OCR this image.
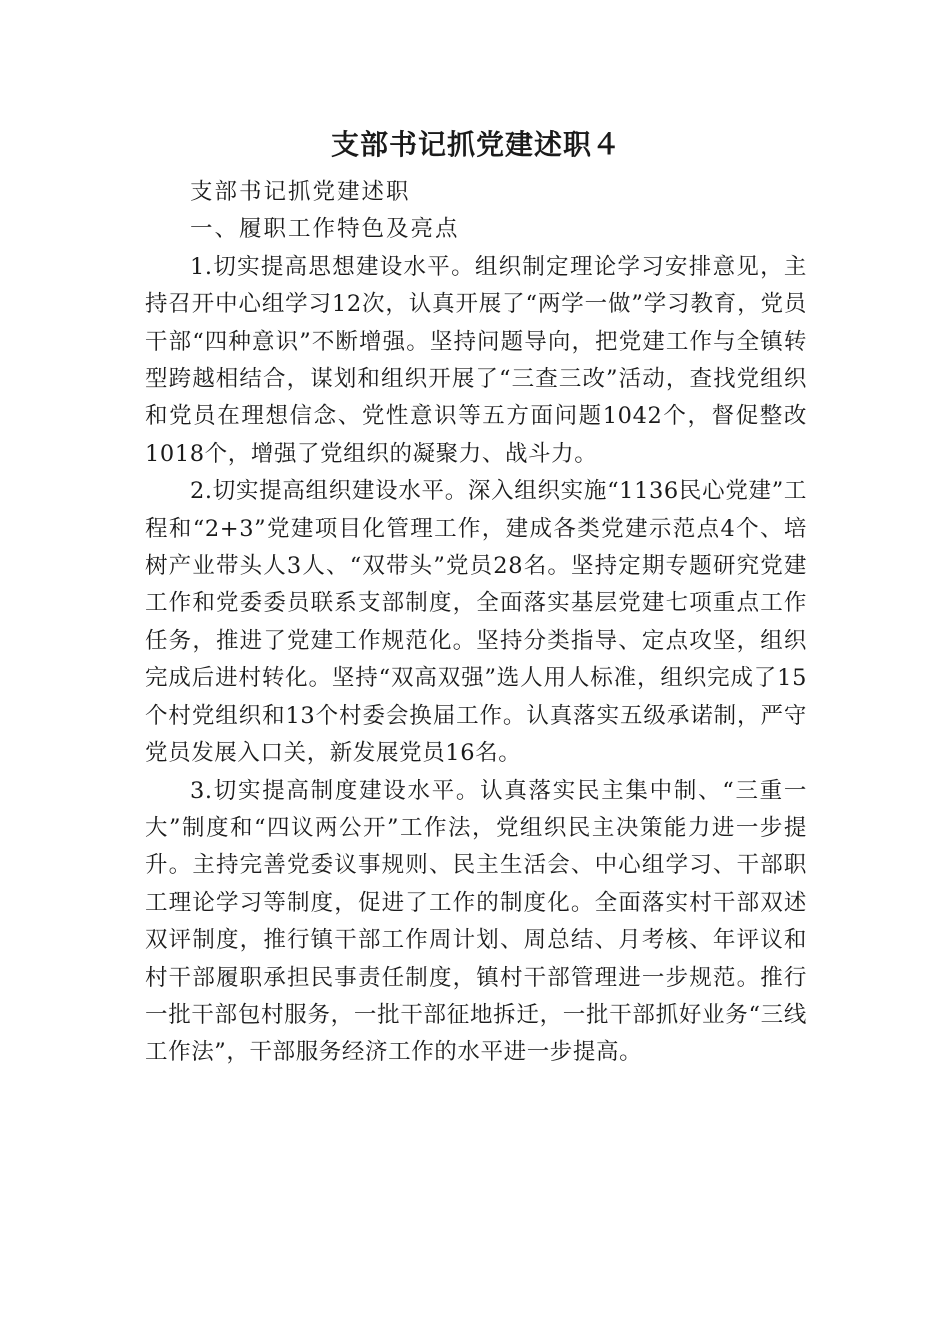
支部书记抓党建述职４

支部书记抓党建述职

一、履职工作特色及亮点

1.切实提高思想建设水平。组织制定理论学习安排意见，主持召开中心组学习12次，认真开展了“两学一做”学习教育，党员干部“四种意识”不断增强。坚持问题导向，把党建工作与全镇转型跨越相结合，谋划和组织开展了“三查三改”活动，查找党组织和党员在理想信念、党性意识等五方面问题1042个，督促整改1018个，增强了党组织的凝聚力、战斗力。

2.切实提高组织建设水平。深入组织实施“1136民心党建”工程和“2+3”党建项目化管理工作，建成各类党建示范点4个、培树产业带头人3人、“双带头”党员28名。坚持定期专题研究党建工作和党委委员联系支部制度，全面落实基层党建七项重点工作任务，推进了党建工作规范化。坚持分类指导、定点攻坚，组织完成后进村转化。坚持“双高双强”选人用人标准，组织完成了15个村党组织和13个村委会换届工作。认真落实五级承诺制，严守党员发展入口关，新发展党员16名。

3.切实提高制度建设水平。认真落实民主集中制、“三重一大”制度和“四议两公开”工作法，党组织民主决策能力进一步提升。主持完善党委议事规则、民主生活会、中心组学习、干部职工理论学习等制度，促进了工作的制度化。全面落实村干部双述双评制度，推行镇干部工作周计划、周总结、月考核、年评议和村干部履职承担民事责任制度，镇村干部管理进一步规范。推行一批干部包村服务，一批干部征地拆迁，一批干部抓好业务“三线工作法”，干部服务经济工作的水平进一步提高。
